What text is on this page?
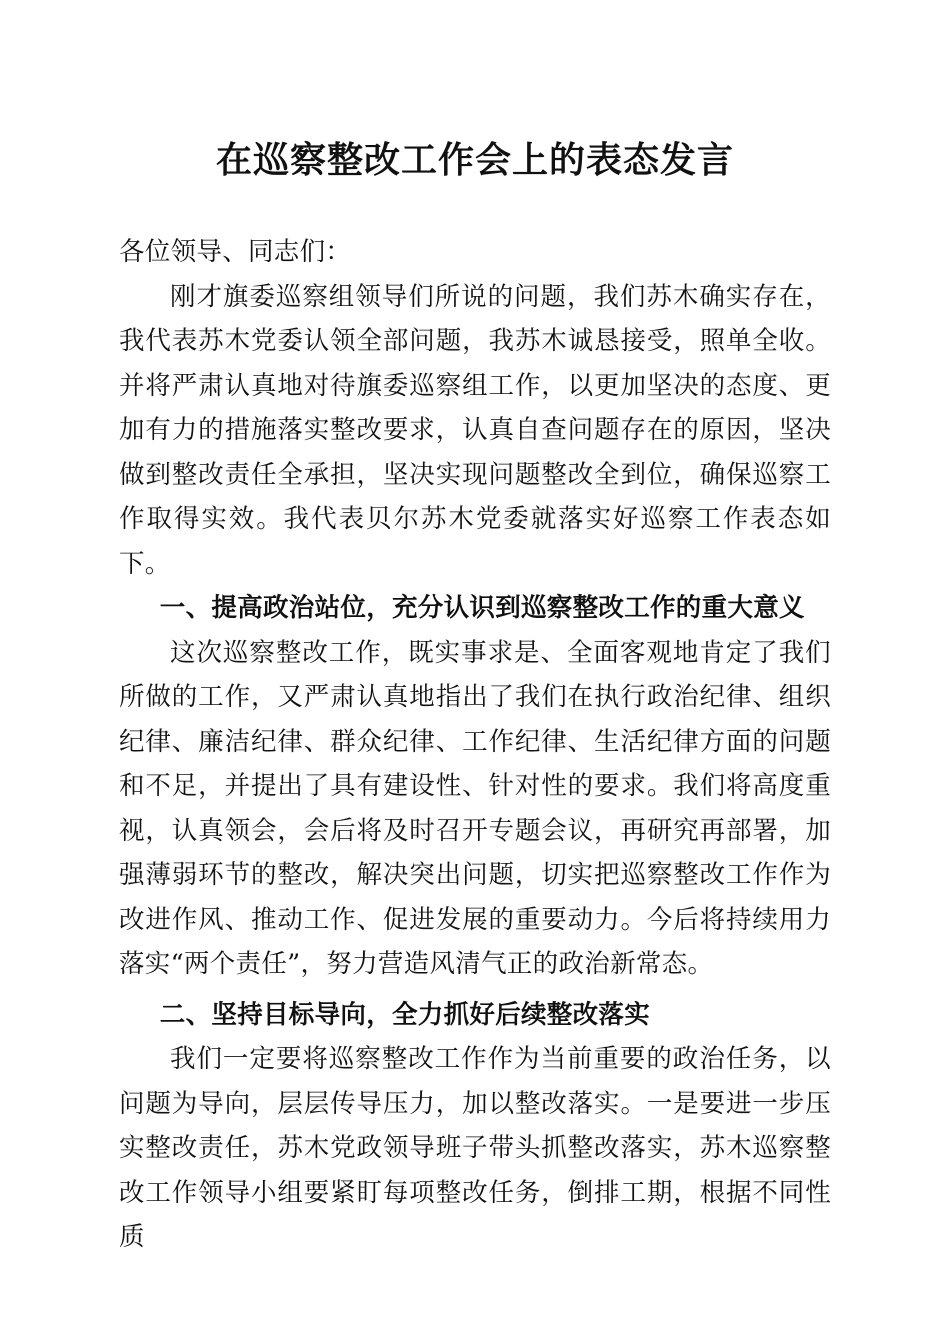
在巡察整改工作会上的表态发言

各位领导、同志们：

刚才旗委巡察组领导们所说的问题，我们苏木确实存在，我代表苏木党委认领全部问题，我苏木诚恳接受，照单全收。并将严肃认真地对待旗委巡察组工作，以更加坚决的态度、更加有力的措施落实整改要求，认真自查问题存在的原因，坚决做到整改责任全承担，坚决实现问题整改全到位，确保巡察工作取得实效。我代表贝尔苏木党委就落实好巡察工作表态如下。

一、提高政治站位，充分认识到巡察整改工作的重大意义

这次巡察整改工作，既实事求是、全面客观地肯定了我们所做的工作，又严肃认真地指出了我们在执行政治纪律、组织纪律、廉洁纪律、群众纪律、工作纪律、生活纪律方面的问题和不足，并提出了具有建设性、针对性的要求。我们将高度重视，认真领会，会后将及时召开专题会议，再研究再部署，加强薄弱环节的整改，解决突出问题，切实把巡察整改工作作为改进作风、推动工作、促进发展的重要动力。今后将持续用力落实“两个责任”，努力营造风清气正的政治新常态。

二、坚持目标导向，全力抓好后续整改落实

我们一定要将巡察整改工作作为当前重要的政治任务，以问题为导向，层层传导压力，加以整改落实。一是要进一步压实整改责任，苏木党政领导班子带头抓整改落实，苏木巡察整改工作领导小组要紧盯每项整改任务，倒排工期，根据不同性质
